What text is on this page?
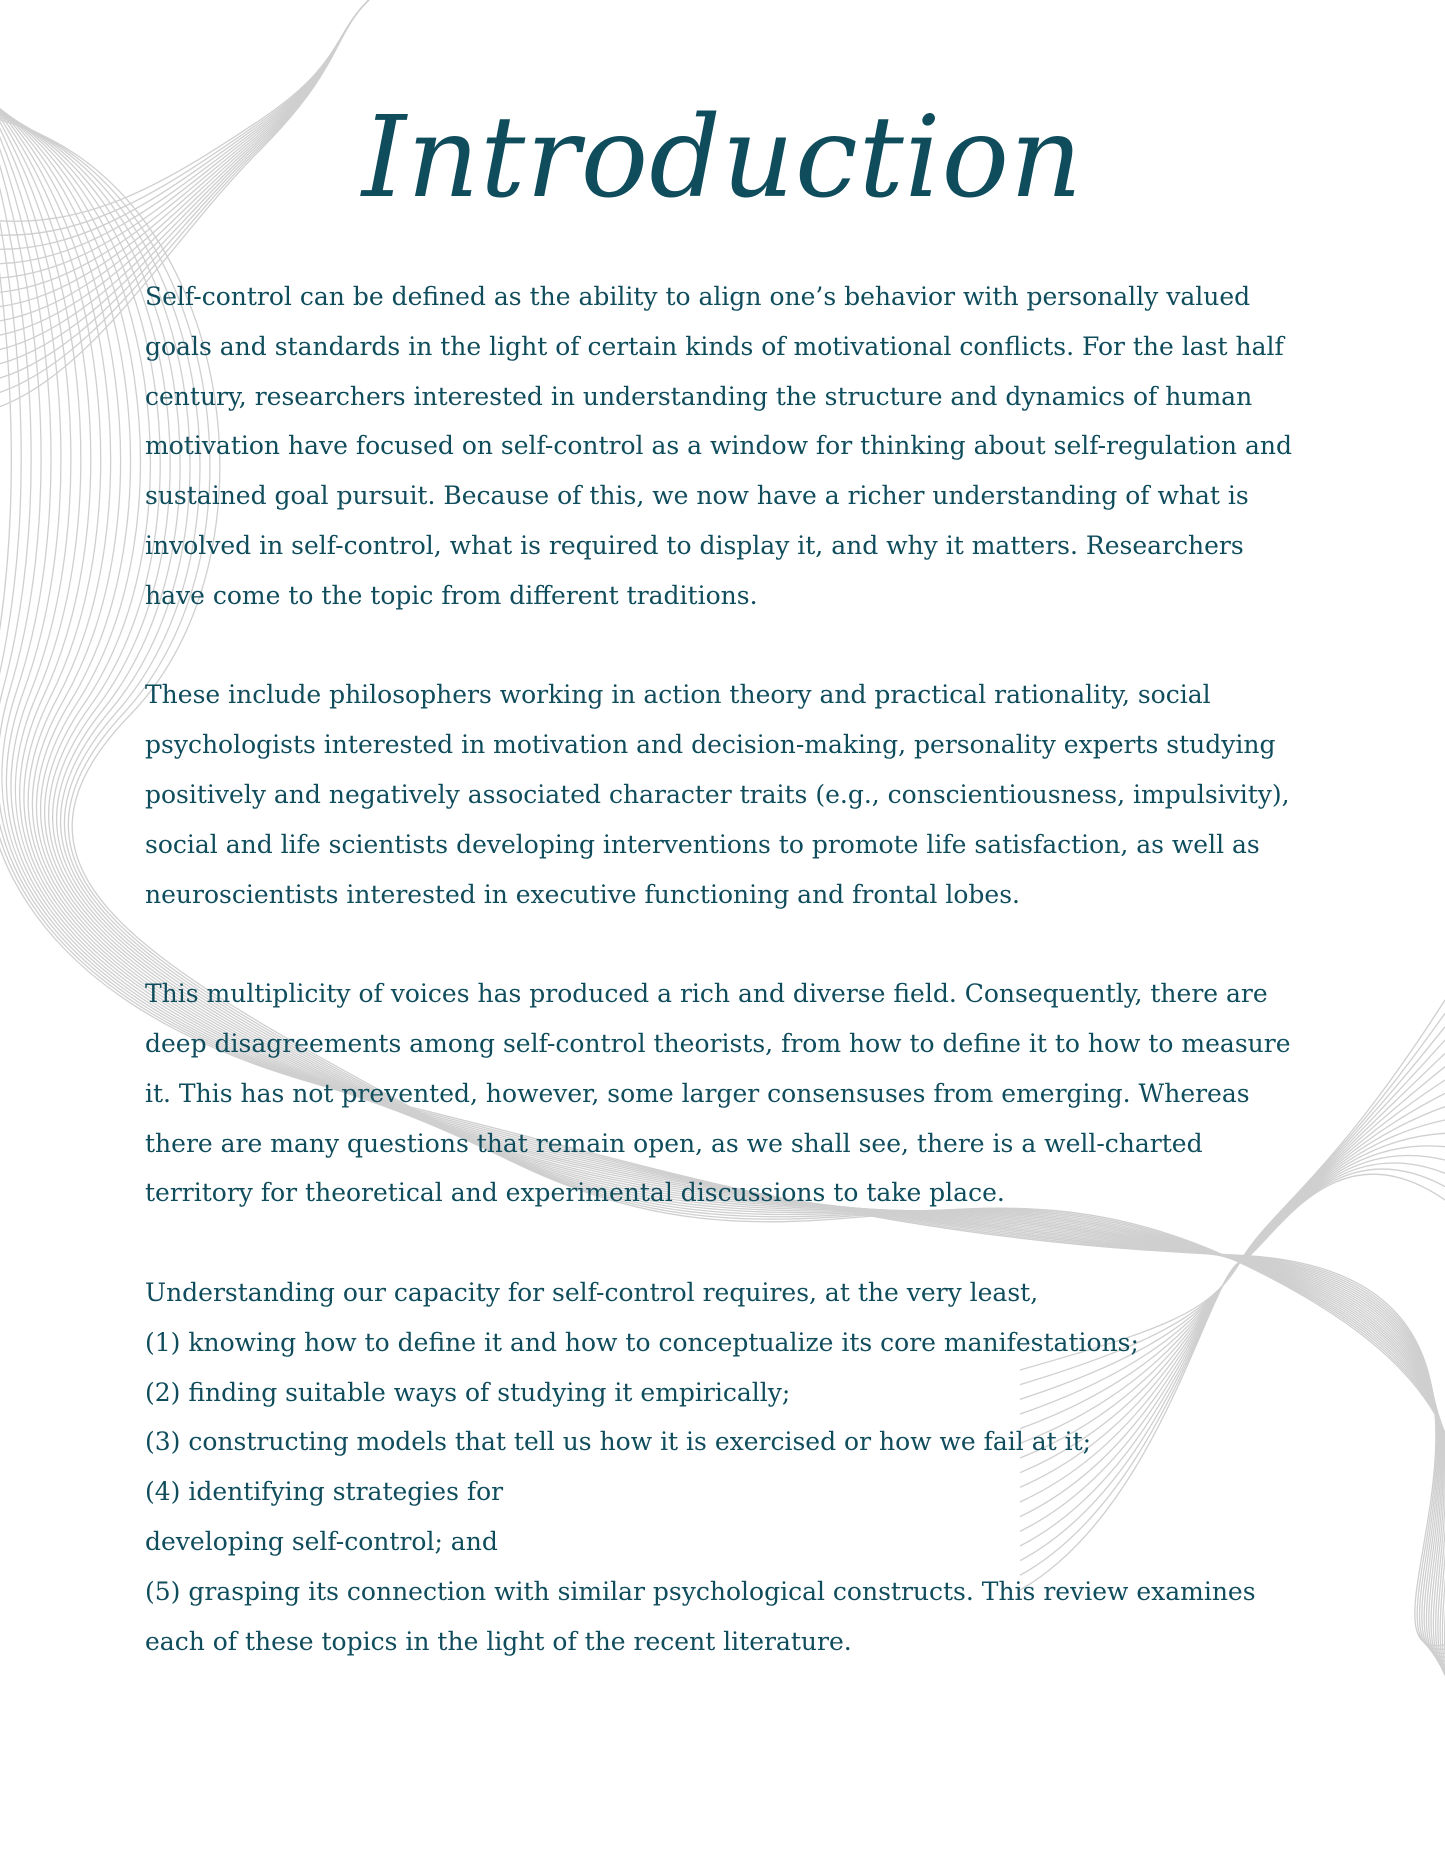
Introduction

Self-control can be defined as the ability to align one’s behavior with personally valued
goals and standards in the light of certain kinds of motivational conflicts. For the last half
century, researchers interested in understanding the structure and dynamics of human
motivation have focused on self-control as a window for thinking about self-regulation and
sustained goal pursuit. Because of this, we now have a richer understanding of what is
involved in self-control, what is required to display it, and why it matters. Researchers
have come to the topic from different traditions.

These include philosophers working in action theory and practical rationality, social
psychologists interested in motivation and decision-making, personality experts studying
positively and negatively associated character traits (e.g., conscientiousness, impulsivity),
social and life scientists developing interventions to promote life satisfaction, as well as
neuroscientists interested in executive functioning and frontal lobes.

This multiplicity of voices has produced a rich and diverse field. Consequently, there are
deep disagreements among self-control theorists, from how to define it to how to measure
it. This has not prevented, however, some larger consensuses from emerging. Whereas
there are many questions that remain open, as we shall see, there is a well-charted
territory for theoretical and experimental discussions to take place.

Understanding our capacity for self-control requires, at the very least,
(1) knowing how to define it and how to conceptualize its core manifestations;
(2) finding suitable ways of studying it empirically;
(3) constructing models that tell us how it is exercised or how we fail at it;
(4) identifying strategies for
developing self-control; and
(5) grasping its connection with similar psychological constructs. This review examines
each of these topics in the light of the recent literature.
